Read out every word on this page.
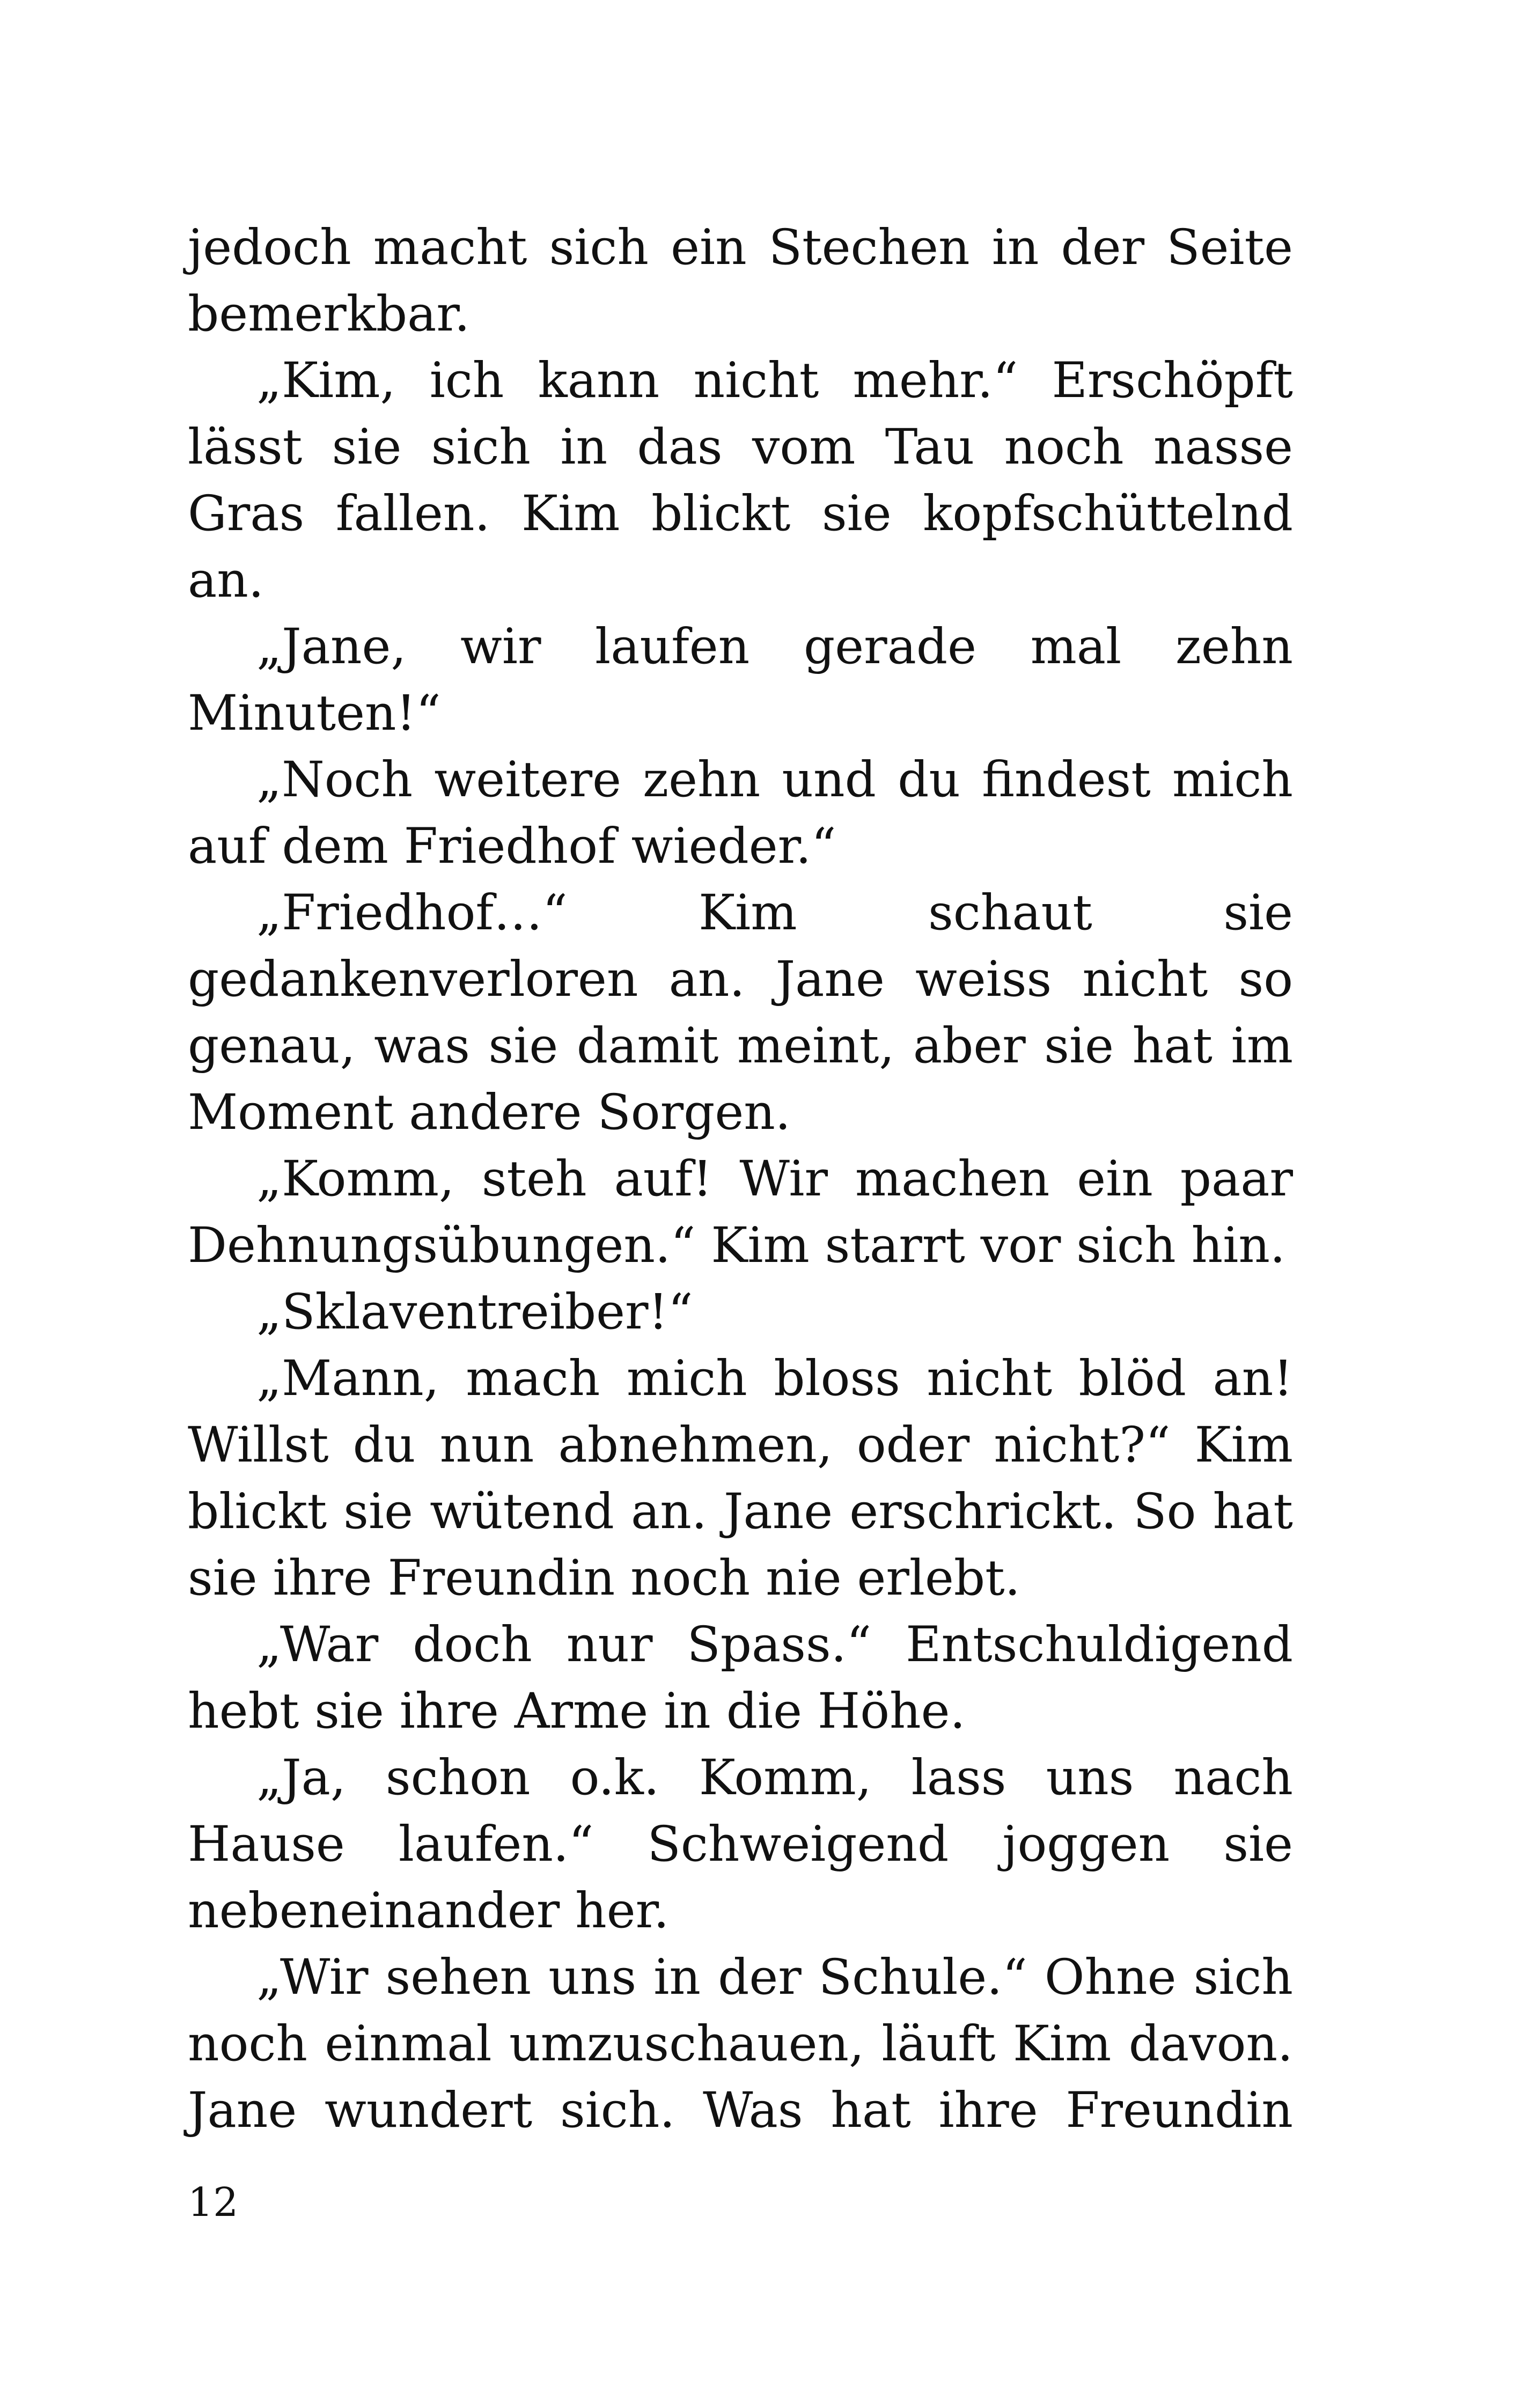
jedoch macht sich ein Stechen in der Seite bemerkbar.

„Kim, ich kann nicht mehr.“ Erschöpft lässt sie sich in das vom Tau noch nasse Gras fallen. Kim blickt sie kopfschüttelnd an.

„Jane, wir laufen gerade mal zehn Minuten!“

„Noch weitere zehn und du findest mich auf dem Friedhof wieder.“

„Friedhof…“ Kim schaut sie gedankenverloren an. Jane weiss nicht so genau, was sie damit meint, aber sie hat im Moment andere Sorgen.

„Komm, steh auf! Wir machen ein paar Dehnungsübungen.“ Kim starrt vor sich hin.

„Sklaventreiber!“

„Mann, mach mich bloss nicht blöd an! Willst du nun abnehmen, oder nicht?“ Kim blickt sie wütend an. Jane erschrickt. So hat sie ihre Freundin noch nie erlebt.

„War doch nur Spass.“ Entschuldigend hebt sie ihre Arme in die Höhe.

„Ja, schon o.k. Komm, lass uns nach Hause laufen.“ Schweigend joggen sie nebeneinander her.

„Wir sehen uns in der Schule.“ Ohne sich noch einmal umzuschauen, läuft Kim davon. Jane wundert sich. Was hat ihre Freundin

12
